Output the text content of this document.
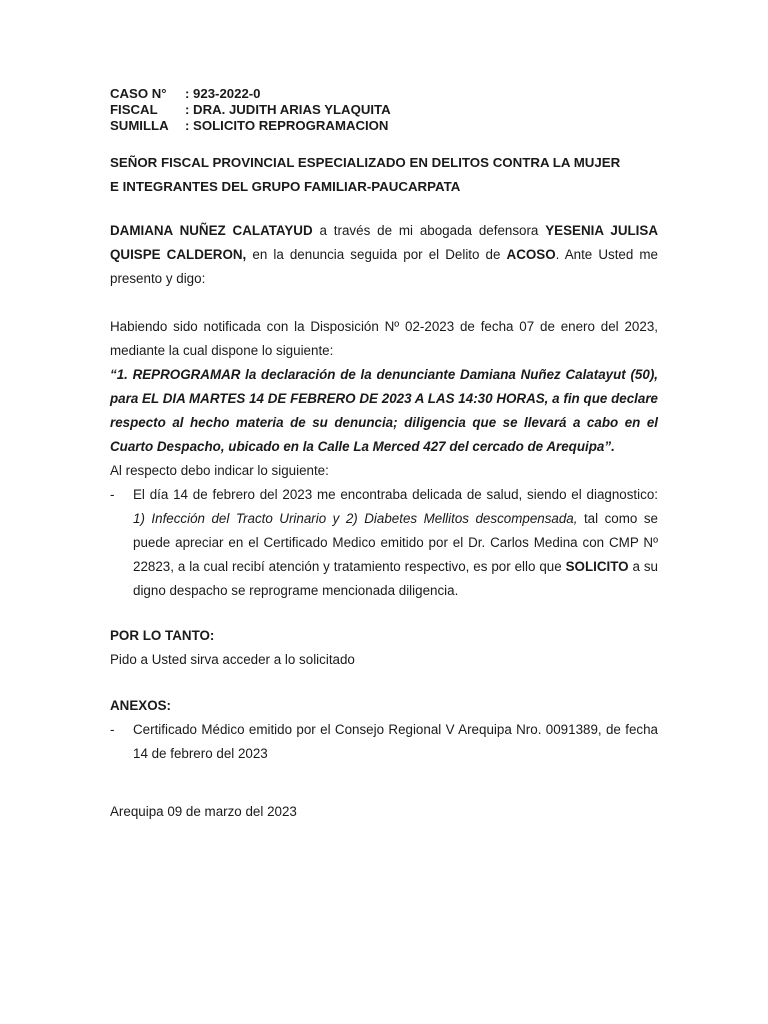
CASO N°	: 923-2022-0
FISCAL	: DRA. JUDITH ARIAS YLAQUITA
SUMILLA	: SOLICITO REPROGRAMACION
SEÑOR FISCAL PROVINCIAL ESPECIALIZADO EN DELITOS CONTRA LA MUJER
E INTEGRANTES DEL GRUPO FAMILIAR-PAUCARPATA
DAMIANA NUÑEZ CALATAYUD a través de mi abogada defensora YESENIA JULISA QUISPE CALDERON, en la denuncia seguida por el Delito de ACOSO. Ante Usted me presento y digo:
Habiendo sido notificada con la Disposición Nº 02-2023 de fecha 07 de enero del 2023, mediante la cual dispone lo siguiente:
“1. REPROGRAMAR la declaración de la denunciante Damiana Nuñez Calatayut (50), para EL DIA MARTES 14 DE FEBRERO DE 2023 A LAS 14:30 HORAS, a fin que declare respecto al hecho materia de su denuncia; diligencia que se llevará a cabo en el Cuarto Despacho, ubicado en la Calle La Merced 427 del cercado de Arequipa”.
Al respecto debo indicar lo siguiente:
-	El día 14 de febrero del 2023 me encontraba delicada de salud, siendo el diagnostico: 1) Infección del Tracto Urinario y 2) Diabetes Mellitos descompensada, tal como se puede apreciar en el Certificado Medico emitido por el Dr. Carlos Medina con CMP Nº 22823, a la cual recibí atención y tratamiento respectivo, es por ello que SOLICITO a su digno despacho se reprograme mencionada diligencia.
POR LO TANTO:
Pido a Usted sirva acceder a lo solicitado
ANEXOS:
-	Certificado Médico emitido por el Consejo Regional V Arequipa Nro. 0091389, de fecha 14 de febrero del 2023
Arequipa 09 de marzo del 2023
